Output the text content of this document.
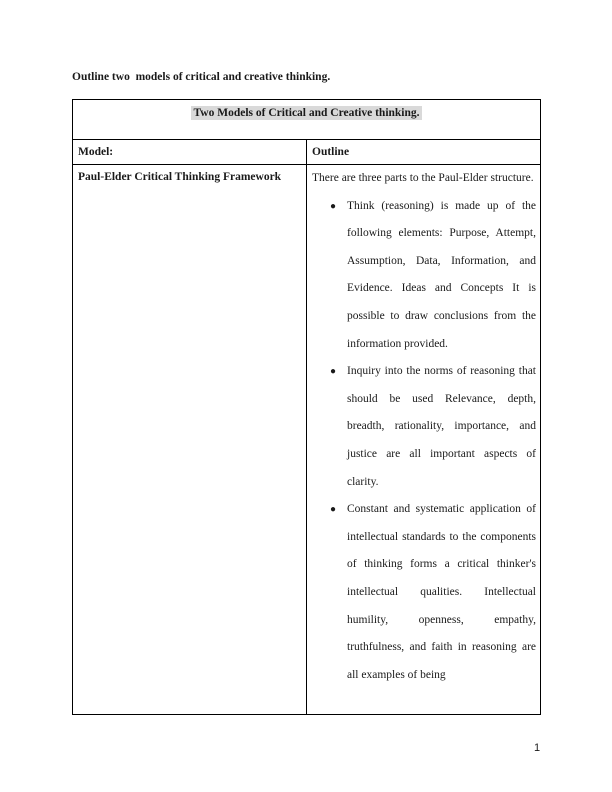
Outline two  models of critical and creative thinking.
Two Models of Critical and Creative thinking.
Model:	Outline
Paul-Elder Critical Thinking Framework	There are three parts to the Paul-Elder structure.

● Think (reasoning) is made up of the following elements: Purpose, Attempt, Assumption, Data, Information, and Evidence. Ideas and Concepts It is possible to draw conclusions from the information provided.
● Inquiry into the norms of reasoning that should be used Relevance, depth, breadth, rationality, importance, and justice are all important aspects of clarity.
● Constant and systematic application of intellectual standards to the components of thinking forms a critical thinker's intellectual qualities. Intellectual humility, openness, empathy, truthfulness, and faith in reasoning are all examples of being
1
